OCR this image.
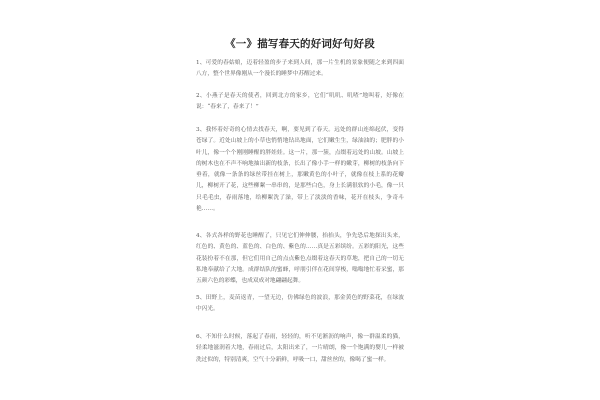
《一》描写春天的好词好句好段

1、可爱的春姑娘，迈着轻盈的步子来到人间，那一片生机的景象便随之来到四面八方，整个世界像刚从一个漫长的睡梦中苏醒过来。

2、小燕子是春天的使者，回到北方的家乡，它们“叽叽、叽喳”地叫着，好像在说：“春来了，春来了！”

3、我怀着好奇的心情去找春天，啊，要见到了春天。远处的群山连绵起伏，变得苍绿了。近处山坡上的小草也悄悄地钻出地面，它们嫩生生，绿油油的；肥胖的小叶儿，像一个个刚刚睡醒的胖娃娃。这一片，那一簇，点缀着远处的山坡。山坡上的树木也在不声不响地抽出新的枝条，长出了像小手一样的嫩芽，柳树的枝条向下垂着，就像一条条的绿丝带挂在树上，那嫩黄色的小叶子，就像在枝上系的花瓣儿，柳树开了花，这些柳絮一串串的，是那些白色，身上长满很软的小毛，像一只只毛毛虫，春雨落地，给柳絮洗了澡，带上了淡淡的香味，花开在枝头，争奇斗艳……。

4、各式各样的野花也睡醒了，只见它们伸伸腰，抬抬头，争先恐后地探出头来，红色的、黄色的、蓝色的、白色的、紫色的……真是五彩缤纷。五彩的阳光，这些花装扮着不在那，但它们用自己的点点紫色点缀着这春天的草地，把自己的一切无私地奉献给了大地。成群结队的蜜蜂，呼朋引伴在花间穿梭，嗡嗡地忙着采蜜，那五颜六色的彩蝶，也成双成对地翩翩起舞。

5、田野上，麦苗返青，一望无边，仿佛绿色的波浪，那金黄色的野菜花，在绿波中闪光。

6、不知什么时候，落起了春雨，轻轻的，听不见淅沥的响声，像一群温柔的猫，轻柔地滋润着大地，春雨过后，太阳出来了，一片晴朗，像一个饱满的婴儿一样被洗过似的，特别清爽，空气十分新鲜，呼吸一口，甜丝丝的，像喝了蜜一样。
